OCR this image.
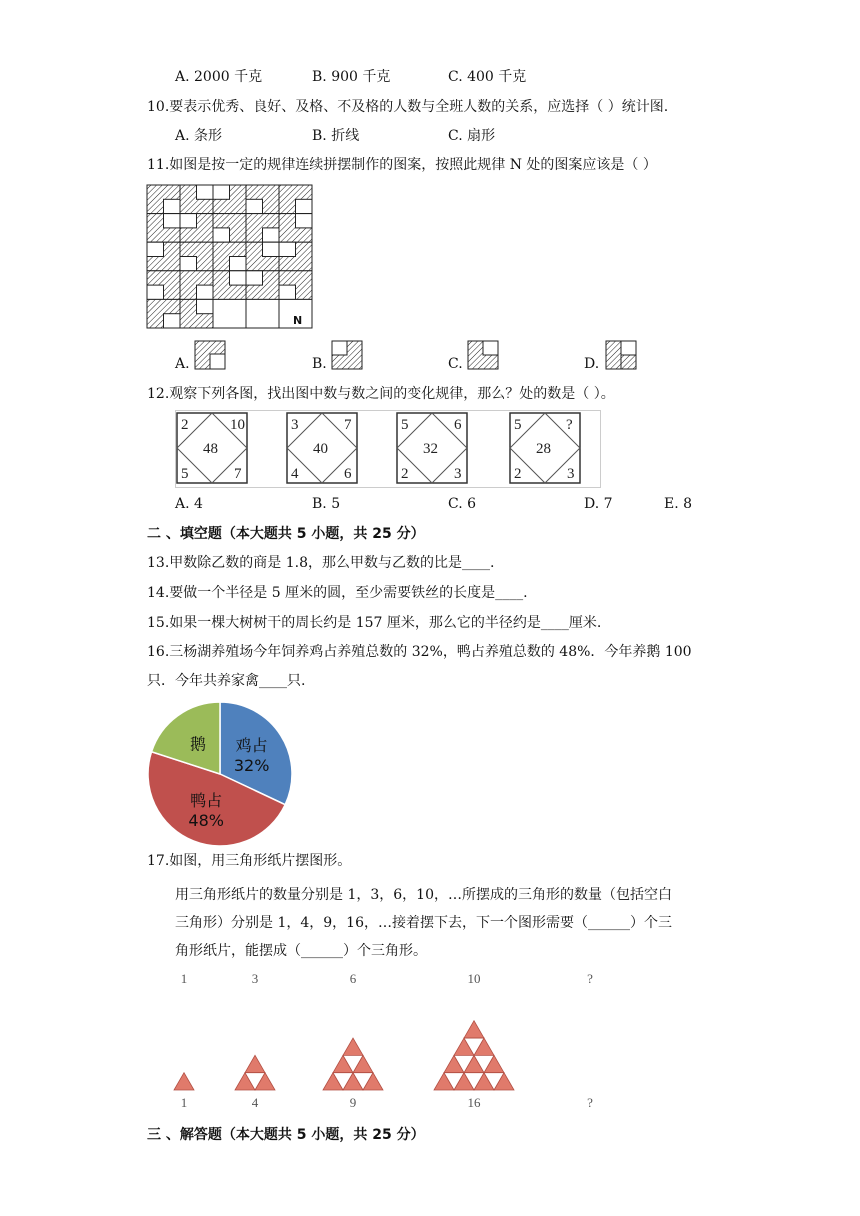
A. 2000 千克	B. 900 千克	C. 400 千克
10.要表示优秀、良好、及格、不及格的人数与全班人数的关系，应选择（ ）统计图.
A. 条形	B. 折线	C. 扇形
11.如图是按一定的规律连续拼摆制作的图案，按照此规律 N 处的图案应该是（ ）
N
A.	B.	C.	D.
12.观察下列各图，找出图中数与数之间的变化规律，那么？处的数是（ ）。
2	10
48
5	7
3	7
40
4	6
5	6
32
2	3
5	?
28
2	3
A. 4	B. 5	C. 6	D. 7	E. 8
二 、填空题（本大题共 5 小题，共 25 分）
13.甲数除乙数的商是 1.8，那么甲数与乙数的比是____.
14.要做一个半径是 5 厘米的圆，至少需要铁丝的长度是____.
15.如果一棵大树树干的周长约是 157 厘米，那么它的半径约是____厘米.
16.三杨湖养殖场今年饲养鸡占养殖总数的 32%，鸭占养殖总数的 48%．今年养鹅 100
只．今年共养家禽____只.
鸡占
32%
鸭占
48%
鹅
17.如图，用三角形纸片摆图形。
用三角形纸片的数量分别是 1，3，6，10，…所摆成的三角形的数量（包括空白
三角形）分别是 1，4，9，16，…接着摆下去，下一个图形需要（______）个三
角形纸片，能摆成（______）个三角形。
1
1
3
4
6
9
10
16
?
?
三 、解答题（本大题共 5 小题，共 25 分）
